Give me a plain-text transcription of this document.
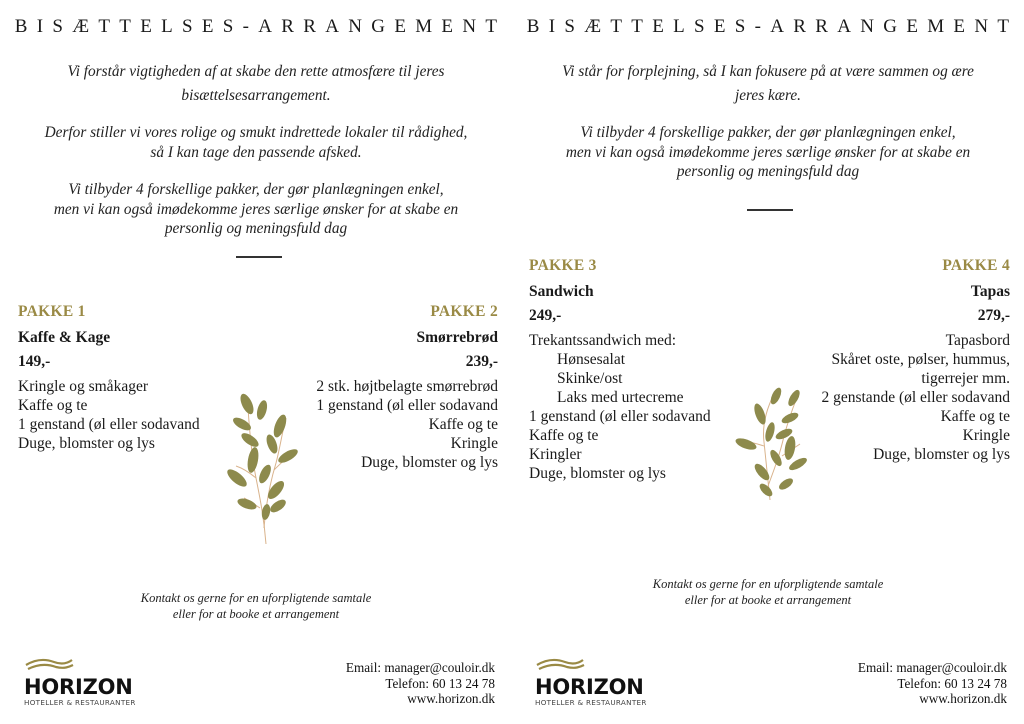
BISÆTTELSES-ARRANGEMENT

Vi forstår vigtigheden af at skabe den rette atmosfære til jeres

bisættelsesarrangement.

Derfor stiller vi vores rolige og smukt indrettede lokaler til rådighed,

så I kan tage den passende afsked.

Vi tilbyder 4 forskellige pakker, der gør planlægningen enkel,

men vi kan også imødekomme jeres særlige ønsker for at skabe en

personlig og meningsfuld dag

PAKKE 1
Kaffe & Kage
149,-
Kringle og småkager
Kaffe og te
1 genstand (øl eller sodavand
Duge, blomster og lys
PAKKE 2
Smørrebrød
239,-
2 stk. højtbelagte smørrebrød
1 genstand (øl eller sodavand
Kaffe og te
Kringle
Duge, blomster og lys
Kontakt os gerne for en uforpligtende samtale
eller for at booke et arrangement
HORIZON
HOTELLER & RESTAURANTER
Email: manager@couloir.dk
Telefon: 60 13 24 78
www.horizon.dk
BISÆTTELSES-ARRANGEMENT

Vi står for forplejning, så I kan fokusere på at være sammen og ære

jeres kære.

Vi tilbyder 4 forskellige pakker, der gør planlægningen enkel,

men vi kan også imødekomme jeres særlige ønsker for at skabe en

personlig og meningsfuld dag

PAKKE 3
Sandwich
249,-
Trekantssandwich med:
Hønsesalat
Skinke/ost
Laks med urtecreme
1 genstand (øl eller sodavand
Kaffe og te
Kringler
Duge, blomster og lys
PAKKE 4
Tapas
279,-
Tapasbord
Skåret oste, pølser, hummus,
tigerrejer mm.
2 genstande (øl eller sodavand
Kaffe og te
Kringle
Duge, blomster og lys
Kontakt os gerne for en uforpligtende samtale
eller for at booke et arrangement
HORIZON
HOTELLER & RESTAURANTER
Email: manager@couloir.dk
Telefon: 60 13 24 78
www.horizon.dk
